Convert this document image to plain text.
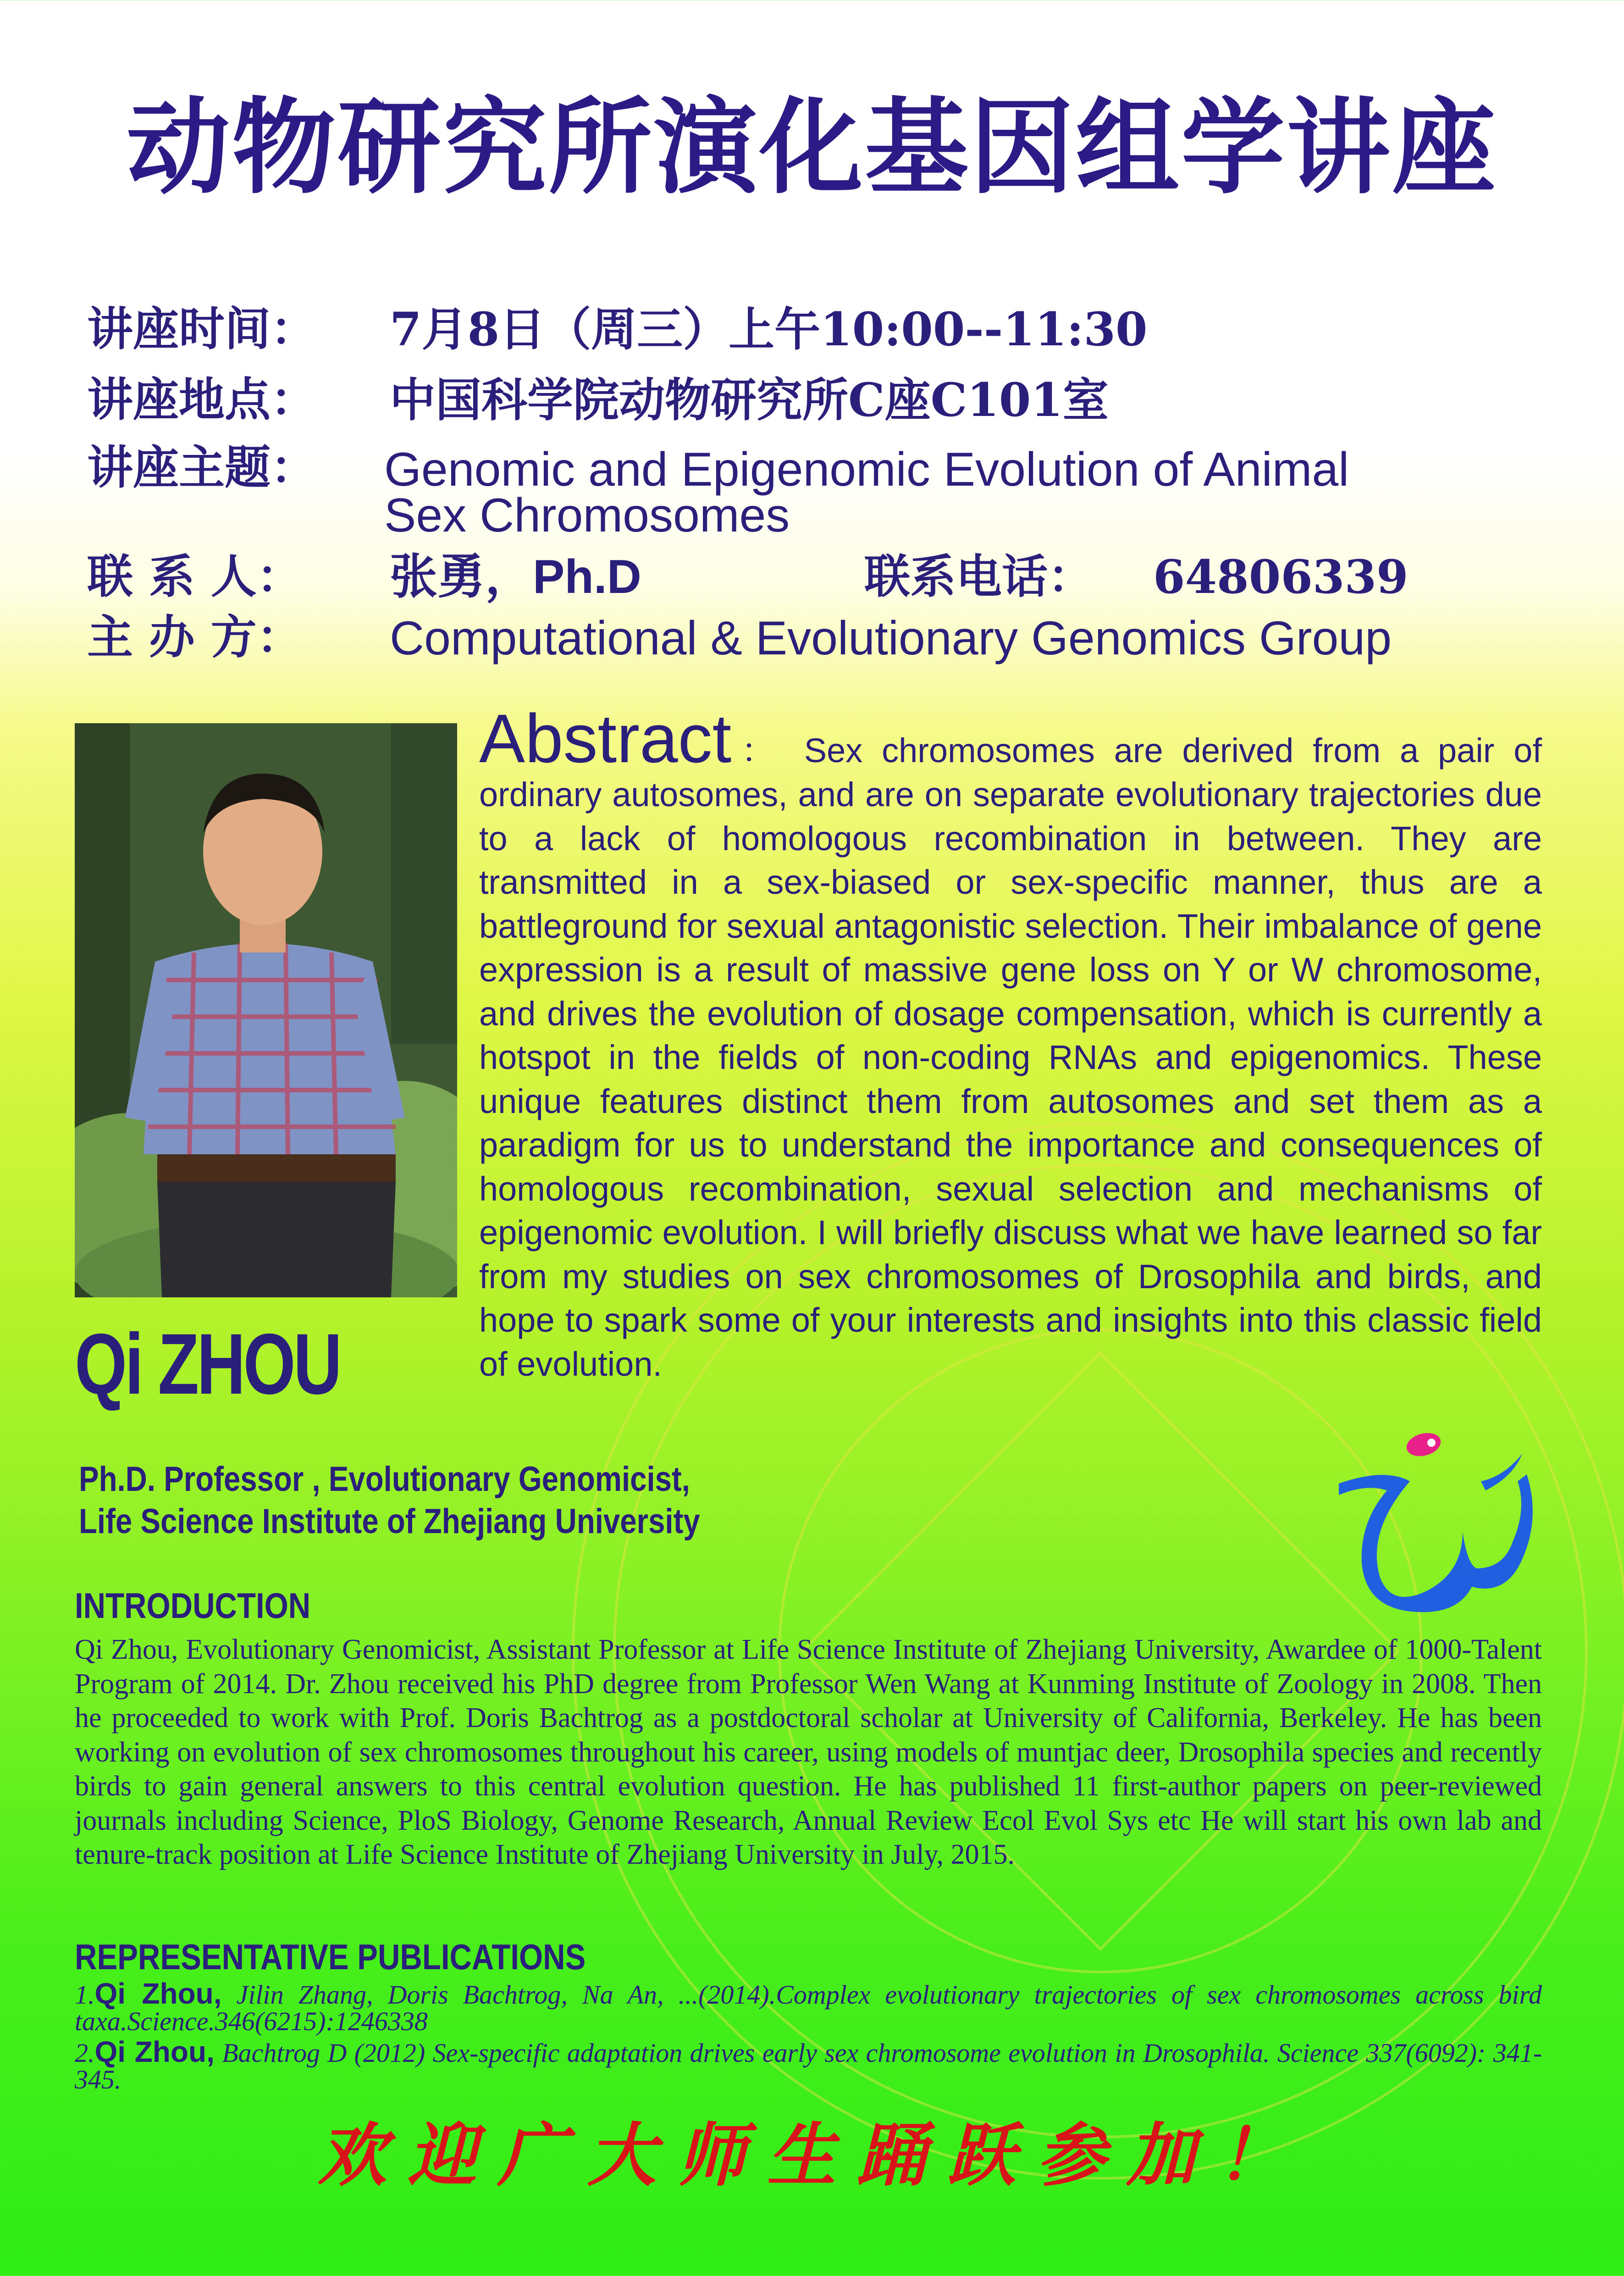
动物研究所演化基因组学讲座
讲座时间： 7月8日（周三）上午10:00--11:30
讲座地点： 中国科学院动物研究所C座C101室
讲座主题： Genomic and Epigenomic Evolution of Animal
Sex Chromosomes
联 系 人： 张勇，Ph.D	联系电话： 64806339
主 办 方： Computational & Evolutionary Genomics Group
Abstract： Sex chromosomes are derived from a pair of ordinary autosomes, and are on separate evolutionary trajectories due to a lack of homologous recombination in between. They are transmitted in a sex-biased or sex-specific manner, thus are a battleground for sexual antagonistic selection. Their imbalance of gene expression is a result of massive gene loss on Y or W chromosome, and drives the evolution of dosage compensation, which is currently a hotspot in the fields of non-coding RNAs and epigenomics. These unique features distinct them from autosomes and set them as a paradigm for us to understand the importance and consequences of homologous recombination, sexual selection and mechanisms of epigenomic evolution. I will briefly discuss what we have learned so far from my studies on sex chromosomes of Drosophila and birds, and hope to spark some of your interests and insights into this classic field of evolution.
Qi ZHOU
Ph.D. Professor , Evolutionary Genomicist,
Life Science Institute of Zhejiang University
INTRODUCTION

Qi Zhou, Evolutionary Genomicist, Assistant Professor at Life Science Institute of Zhejiang University, Awardee of 1000-Talent Program of 2014. Dr. Zhou received his PhD degree from Professor Wen Wang at Kunming Institute of Zoology in 2008. Then he proceeded to work with Prof. Doris Bachtrog as a postdoctoral scholar at University of California, Berkeley. He has been working on evolution of sex chromosomes throughout his career, using models of muntjac deer, Drosophila species and recently birds to gain general answers to this central evolution question. He has published 11 first-author papers on peer-reviewed journals including Science, PloS Biology, Genome Research, Annual Review Ecol Evol Sys etc He will start his own lab and tenure-track position at Life Science Institute of Zhejiang University in July, 2015.

REPRESENTATIVE PUBLICATIONS

1.Qi Zhou, Jilin Zhang, Doris Bachtrog, Na An, ...(2014).Complex evolutionary trajectories of sex chromosomes across bird taxa.Science.346(6215):1246338

2.Qi Zhou, Bachtrog D (2012) Sex-specific adaptation drives early sex chromosome evolution in Drosophila. Science 337(6092): 341-345.

欢迎广大师生踊跃参加！
